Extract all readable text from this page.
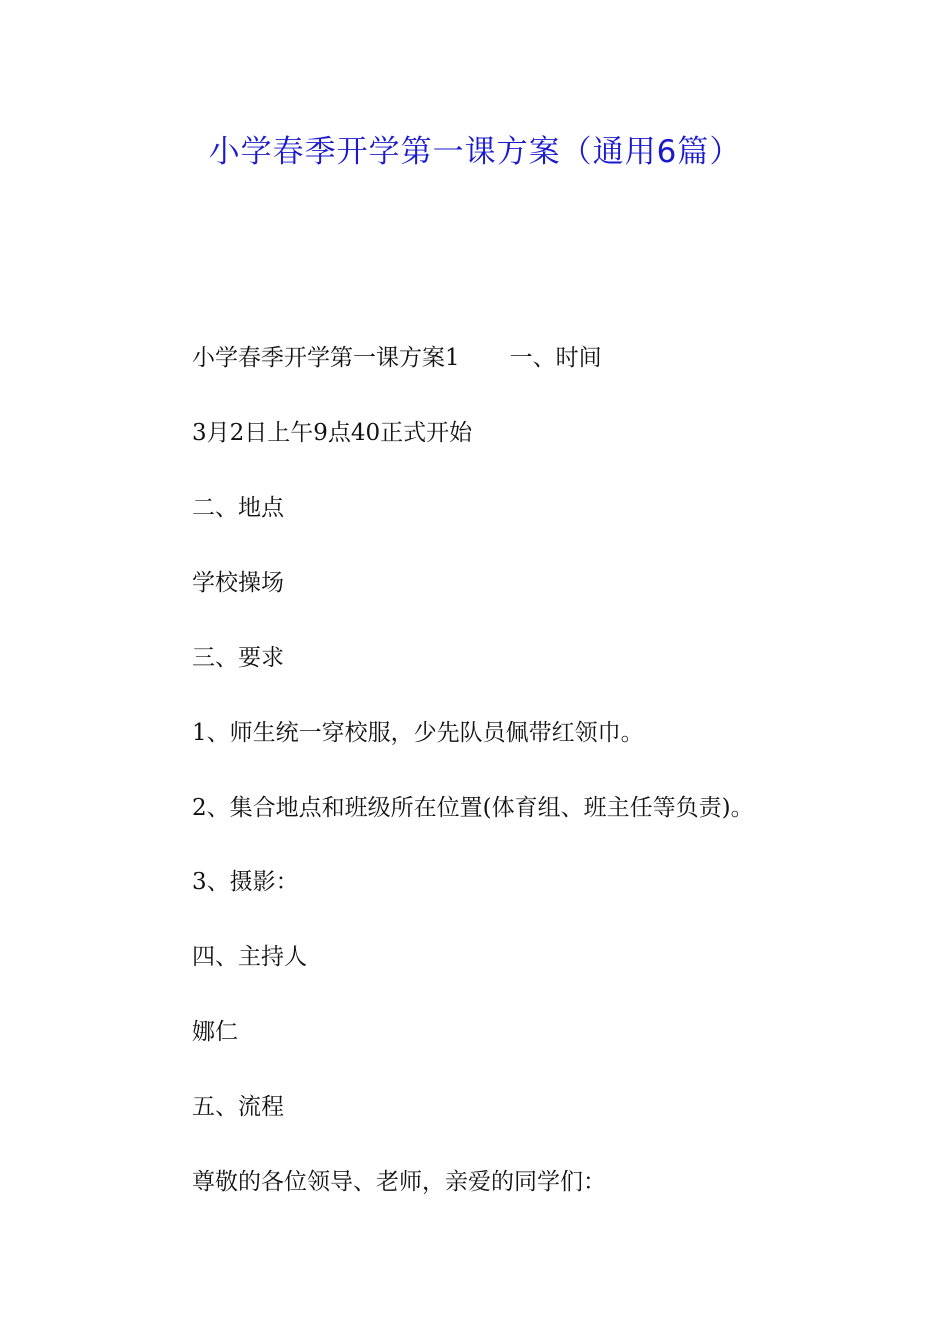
小学春季开学第一课方案（通用6篇）
小学春季开学第一课方案1 一、时间
3月2日上午9点40正式开始
二、地点
学校操场
三、要求
1、师生统一穿校服，少先队员佩带红领巾。
2、集合地点和班级所在位置(体育组、班主任等负责)。
3、摄影：
四、主持人
娜仁
五、流程
尊敬的各位领导、老师，亲爱的同学们：
